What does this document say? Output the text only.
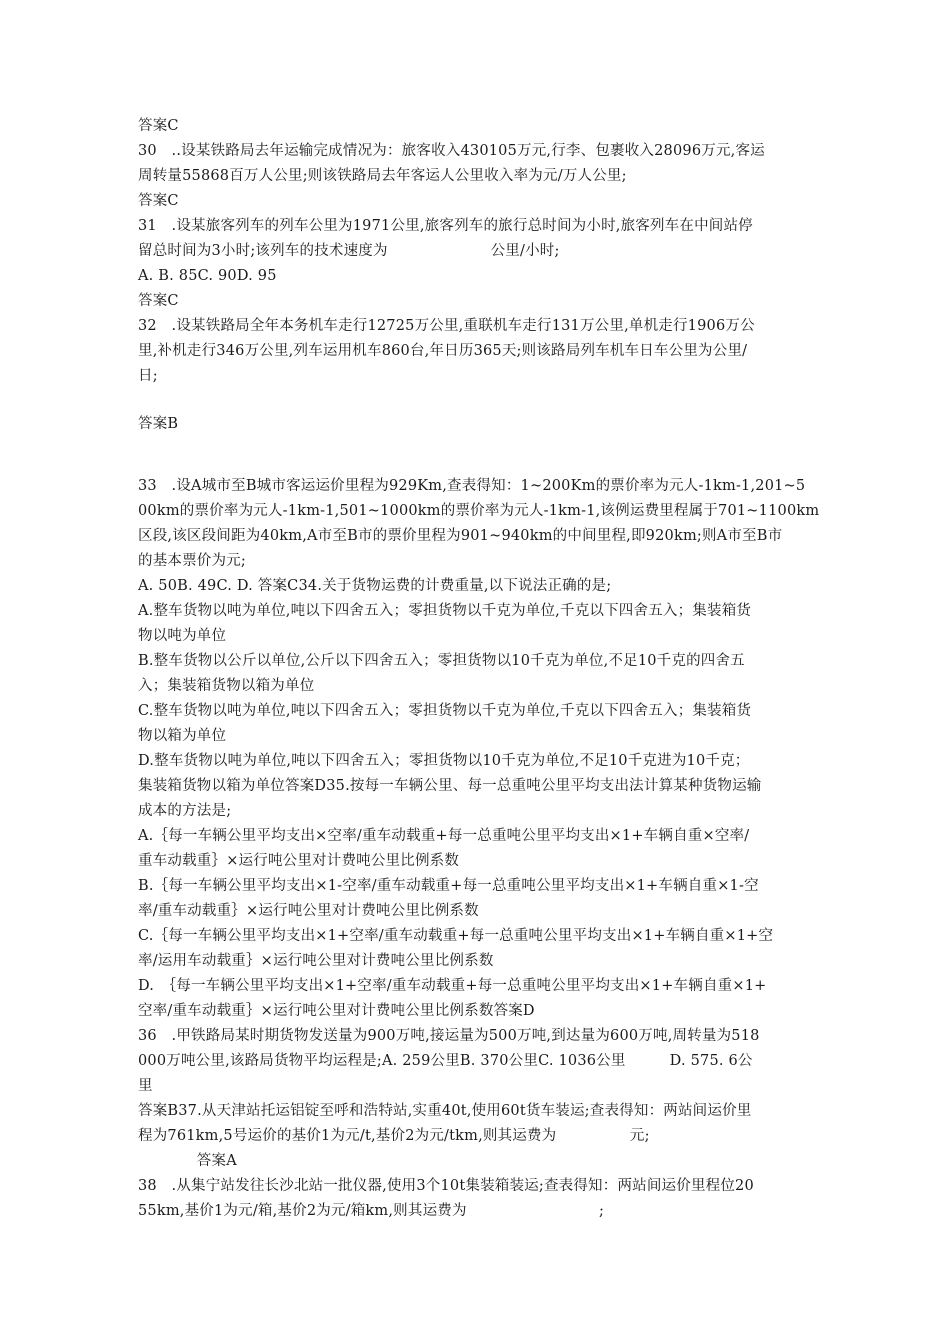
答案C
30　..设某铁路局去年运输完成情况为：旅客收入430105万元,行李、包裹收入28096万元,客运
周转量55868百万人公里;则该铁路局去年客运人公里收入率为元/万人公里;
答案C
31　.设某旅客列车的列车公里为1971公里,旅客列车的旅行总时间为小时,旅客列车在中间站停
留总时间为3小时;该列车的技术速度为　　　　　　　公里/小时;
A. B. 85C. 90D. 95
答案C
32　.设某铁路局全年本务机车走行12725万公里,重联机车走行131万公里,单机走行1906万公
里,补机走行346万公里,列车运用机车860台,年日历365天;则该路局列车机车日车公里为公里/
日;
答案B
33　.设A城市至B城市客运运价里程为929Km,查表得知：1~200Km的票价率为元人-1km-1,201~5
00km的票价率为元人-1km-1,501~1000km的票价率为元人-1km-1,该例运费里程属于701~1100km
区段,该区段间距为40km,A市至B市的票价里程为901~940km的中间里程,即920km;则A市至B市
的基本票价为元;
A. 50B. 49C. D. 答案C34.关于货物运费的计费重量,以下说法正确的是;
A.整车货物以吨为单位,吨以下四舍五入；零担货物以千克为单位,千克以下四舍五入；集装箱货
物以吨为单位
B.整车货物以公斤以单位,公斤以下四舍五入；零担货物以10千克为单位,不足10千克的四舍五
入；集装箱货物以箱为单位
C.整车货物以吨为单位,吨以下四舍五入；零担货物以千克为单位,千克以下四舍五入；集装箱货
物以箱为单位
D.整车货物以吨为单位,吨以下四舍五入；零担货物以10千克为单位,不足10千克进为10千克；
集装箱货物以箱为单位答案D35.按每一车辆公里、每一总重吨公里平均支出法计算某种货物运输
成本的方法是;
A.｛每一车辆公里平均支出×空率/重车动载重+每一总重吨公里平均支出×1+车辆自重×空率/
重车动载重｝×运行吨公里对计费吨公里比例系数
B.｛每一车辆公里平均支出×1-空率/重车动载重+每一总重吨公里平均支出×1+车辆自重×1-空
率/重车动载重｝×运行吨公里对计费吨公里比例系数
C.｛每一车辆公里平均支出×1+空率/重车动载重+每一总重吨公里平均支出×1+车辆自重×1+空
率/运用车动载重｝×运行吨公里对计费吨公里比例系数
D.　｛每一车辆公里平均支出×1+空率/重车动载重+每一总重吨公里平均支出×1+车辆自重×1+
空率/重车动载重｝×运行吨公里对计费吨公里比例系数答案D
36　.甲铁路局某时期货物发送量为900万吨,接运量为500万吨,到达量为600万吨,周转量为518
000万吨公里,该路局货物平均运程是;A. 259公里B. 370公里C. 1036公里　　　D. 575. 6公
里
答案B37.从天津站托运铝锭至呼和浩特站,实重40t,使用60t货车装运;查表得知：两站间运价里
程为761km,5号运价的基价1为元/t,基价2为元/tkm,则其运费为　　　　　元;
　　　　答案A
38　.从集宁站发往长沙北站一批仪器,使用3个10t集装箱装运;查表得知：两站间运价里程位20
55km,基价1为元/箱,基价2为元/箱km,则其运费为　　　　　　　　　;
